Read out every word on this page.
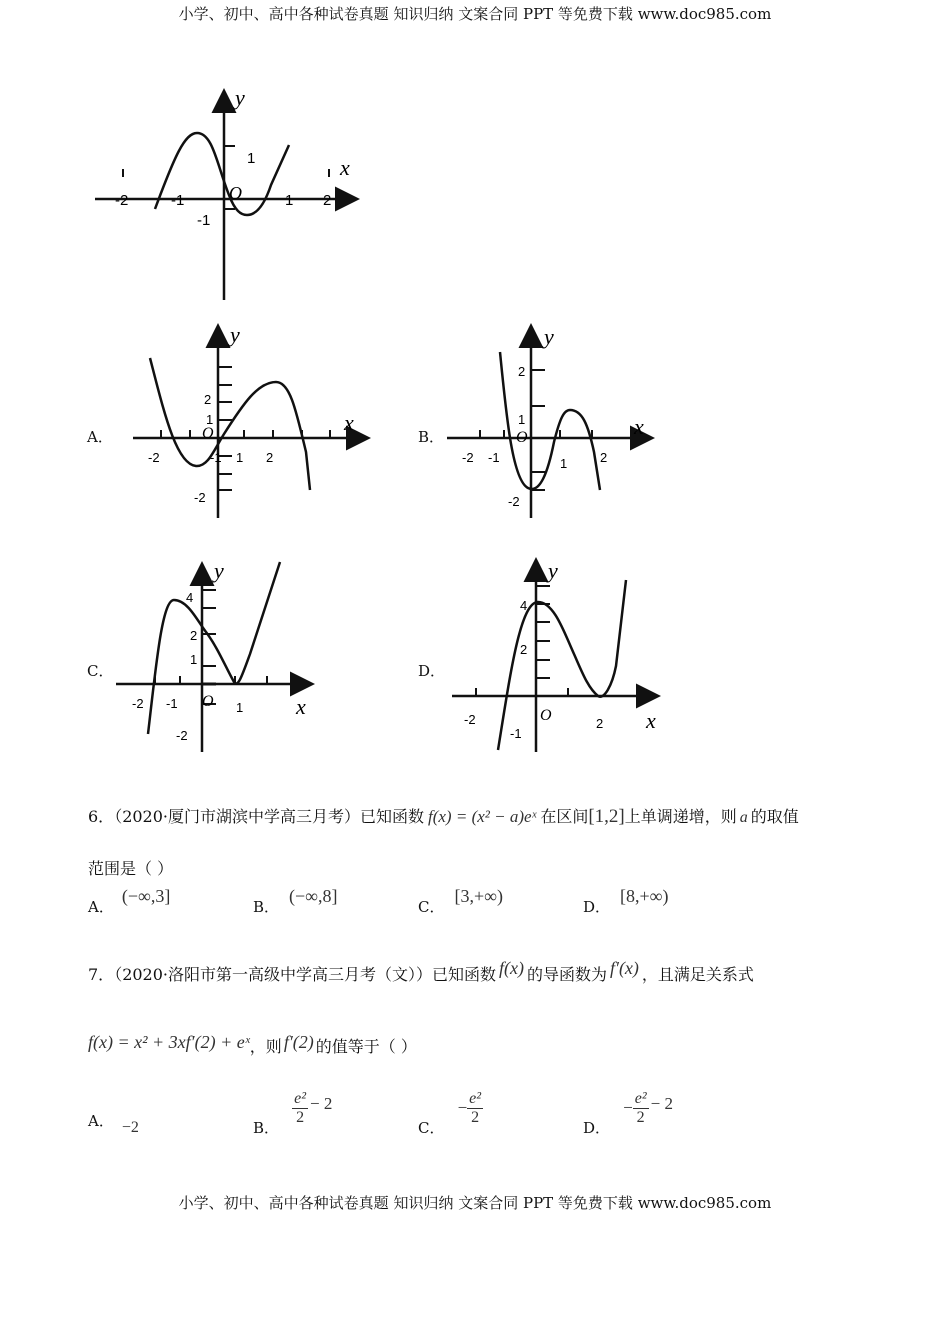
小学、初中、高中各种试卷真题 知识归纳 文案合同 PPT 等免费下载 www.doc985.com
y
x
O
1
-1
-2	-1	1 2
A．
y
x
O
2
1
-2
-2	-1 1 2
B．
y
x
O
2
1
-2
-2 -1	1	2
C．
y
x
O
4
2
1
-2
-2 -1	1
D．
y
x
O
4
2
-2
-1
2
6．（2020·厦门市湖滨中学高三月考）已知函数 f(x) = (x² − a)eˣ 在区间[1,2]上单调递增，则 a 的取值
范围是（ ）
A．(−∞,3]
B．(−∞,8]
C．[3,+∞)
D．[8,+∞)
7．（2020·洛阳市第一高级中学高三月考（文））已知函数 f(x) 的导函数为 f′(x) ，且满足关系式
f(x) = x² + 3xf′(2) + eˣ，则 f′(2) 的值等于（ ）
A． −2	B．
$\frac{\text{e²}}{2} - 2$
C． − $\frac{\text{e²}}{2}$
D． − $\frac{\text{e²}}{2} - 2$
小学、初中、高中各种试卷真题 知识归纳 文案合同 PPT 等免费下载 www.doc985.com
